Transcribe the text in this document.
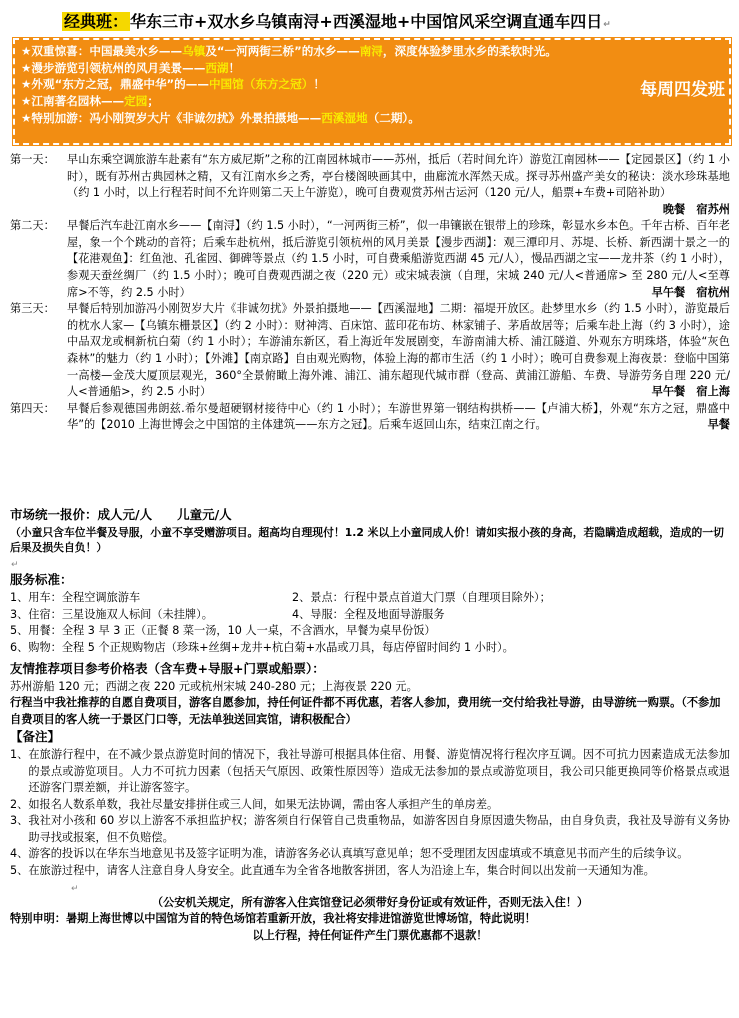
经典班： 华东三市+双水乡乌镇南浔+西溪湿地+中国馆风采空调直通车四日↵
★双重惊喜：中国最美水乡——乌镇及“一河两街三桥”的水乡——南浔，深度体验梦里水乡的柔软时光。
★漫步游览引领杭州的风月美景——西湖！
★外观“东方之冠，鼎盛中华”的——中国馆（东方之冠）！
★江南著名园林——定园；
★特别加游：冯小刚贺岁大片《非诚勿扰》外景拍摄地——西溪湿地（二期）。
每周四发班
第一天：	早山东乘空调旅游车赴素有“东方威尼斯”之称的江南园林城市——苏州，抵后（若时间允许）游览江南园林——【定园景区】（约 1 小时），既有苏州古典园林之精，又有江南水乡之秀，亭台楼阁映画其中，曲廊流水浑然天成。探寻苏州盛产美女的秘诀：淡水珍珠基地（约 1 小时，以上行程若时间不允许则第二天上午游览），晚可自费观赏苏州古运河（120 元/人，船票+车费+司陪补助）
晚餐　宿苏州
第二天：	早餐后汽车赴江南水乡——【南浔】（约 1.5 小时），“一河两街三桥”，似一串镶嵌在银带上的珍珠，彰显水乡本色。千年古桥、百年老屋，象一个个跳动的音符；后乘车赴杭州，抵后游览引领杭州的风月美景【漫步西湖】：观三潭印月、苏堤、长桥、新西湖十景之一的【花港观鱼】：红鱼池、孔雀园、御碑等景点（约 1.5 小时，可自费乘船游览西湖 45 元/人），慢品西湖之宝——龙井茶（约 1 小时），参观天蚕丝绸厂（约 1.5 小时）；晚可自费观西湖之夜（220 元）或宋城表演（自理，宋城 240 元/人<普通席> 至 280 元/人<至尊席>不等，约 2.5 小时）	早午餐　宿杭州
第三天：	早餐后特别加游冯小刚贺岁大片《非诚勿扰》外景拍摄地——【西溪湿地】二期：福堤开放区。赴梦里水乡（约 1.5 小时），游览最后的枕水人家—【乌镇东栅景区】（约 2 小时）：财神湾、百床馆、蓝印花布坊、林家铺子、茅盾故居等；后乘车赴上海（约 3 小时），途中品双龙或桐新杭白菊（约 1 小时）；车游浦东新区，看上海近年发展剧变，车游南浦大桥、浦江隧道、外观东方明珠塔，体验“灰色森林”的魅力（约 1 小时）；【外滩】【南京路】自由观光购物，体验上海的都市生活（约 1 小时）；晚可自费参观上海夜景：登临中国第一高楼—金茂大厦顶层观光，360°全景俯瞰上海外滩、浦江、浦东超现代城市群（登高、黄浦江游船、车费、导游劳务自理 220 元/人<普通船>，约 2.5 小时）	早午餐　宿上海
第四天：	早餐后参观德国弗朗兹.希尔曼超硬钢材接待中心（约 1 小时）；车游世界第一钢结构拱桥——【卢浦大桥】，外观“东方之冠，鼎盛中华”的【2010 上海世博会之中国馆的主体建筑——东方之冠】。后乘车返回山东，结束江南之行。	早餐
市场统一报价：成人元/人　　儿童元/人
（小童只含车位半餐及导服，小童不享受赠游项目。超高均自理现付！1.2 米以上小童同成人价！请如实报小孩的身高，若隐瞒造成超载，造成的一切后果及损失自负！）
↵
服务标准：
1、用车：全程空调旅游车	2、景点：行程中景点首道大门票（自理项目除外）；
3、住宿：三星设施双人标间（未挂牌）。	4、导服：全程及地面导游服务
5、用餐：全程 3 早 3 正（正餐 8 菜一汤，10 人一桌，不含酒水，早餐为桌早份饭）
6、购物：全程 5 个正规购物店（珍珠+丝绸+龙井+杭白菊+水晶或刀具，每店停留时间约 1 小时）。
友情推荐项目参考价格表（含车费+导服+门票或船票）：
苏州游船 120 元；西湖之夜 220 元或杭州宋城 240-280 元；上海夜景 220 元。
行程当中我社推荐的自愿自费项目，游客自愿参加，持任何证件都不再优惠，若客人参加，费用统一交付给我社导游，由导游统一购票。（不参加自费项目的客人统一于景区门口等，无法单独送回宾馆，请积极配合）
【备注】
1、 在旅游行程中，在不减少景点游览时间的情况下，我社导游可根据具体住宿、用餐、游览情况将行程次序互调。因不可抗力因素造成无法参加的景点或游览项目。人力不可抗力因素（包括天气原因、政策性原因等）造成无法参加的景点或游览项目，我公司只能更换同等价格景点或退还游客门票差额，并让游客签字。
2、 如报名人数系单数，我社尽量安排拼住或三人间，如果无法协调，需由客人承担产生的单房差。
3、 我社对小孩和 60 岁以上游客不承担监护权；游客须自行保管自己贵重物品，如游客因自身原因遗失物品，由自身负责，我社及导游有义务协助寻找或报案，但不负赔偿。
4、 游客的投诉以在华东当地意见书及签字证明为准，请游客务必认真填写意见单；恕不受理团友因虚填或不填意见书而产生的后续争议。
5、 在旅游过程中，请客人注意自身人身安全。此直通车为全省各地散客拼团，客人为沿途上车，集合时间以出发前一天通知为准。
↵
（公安机关规定，所有游客入住宾馆登记必须带好身份证或有效证件，否则无法入住！）
特别申明：暑期上海世博以中国馆为首的特色场馆若重新开放，我社将安排进馆游览世博场馆，特此说明！
以上行程，持任何证件产生门票优惠都不退款！
